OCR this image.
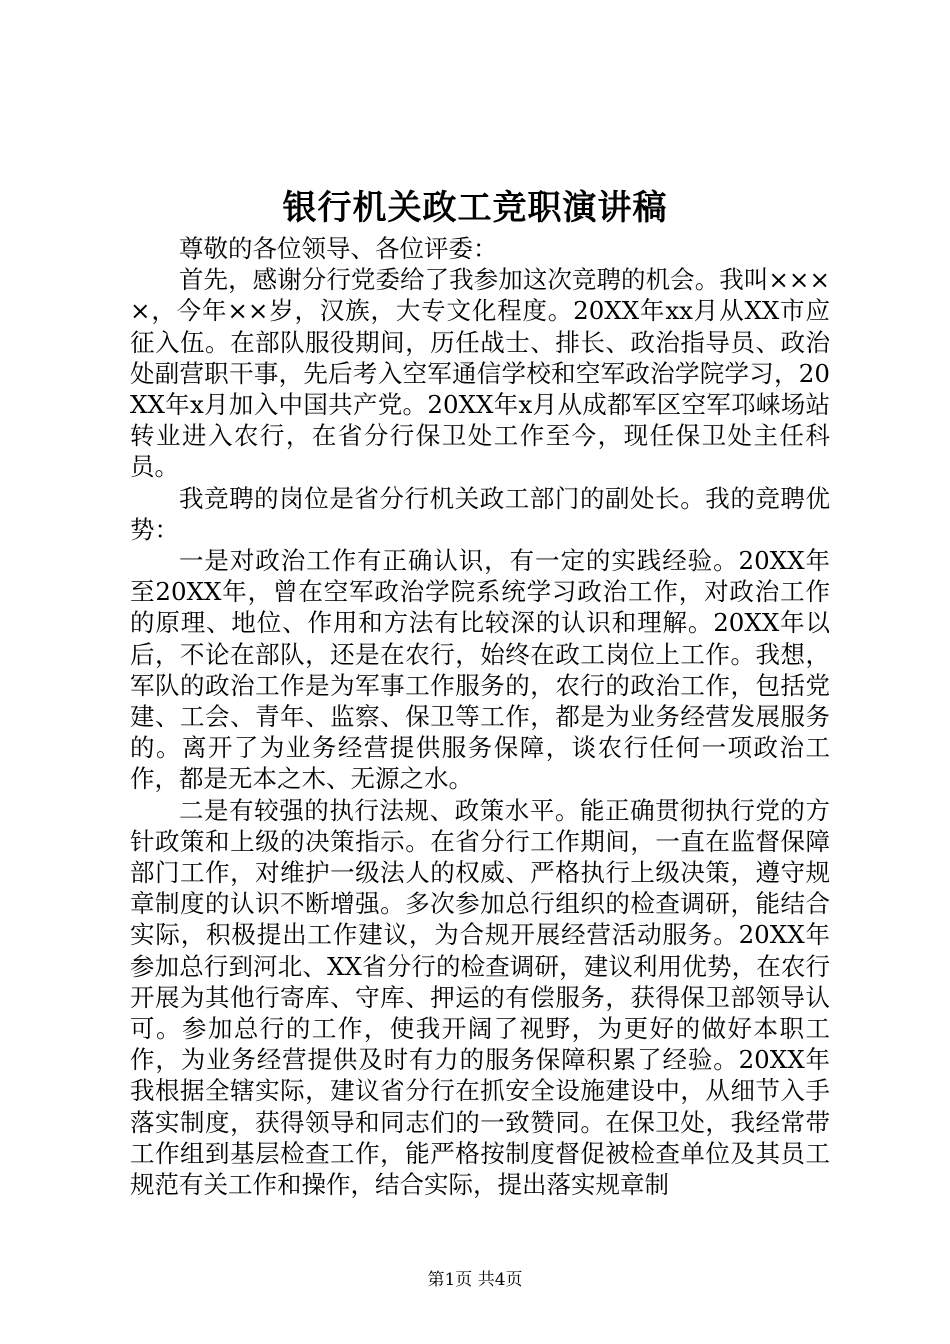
银行机关政工竞职演讲稿

尊敬的各位领导、各位评委：

首先，感谢分行党委给了我参加这次竞聘的机会。我叫××××，今年××岁，汉族，大专文化程度。20XX年xx月从XX市应征入伍。在部队服役期间，历任战士、排长、政治指导员、政治处副营职干事，先后考入空军通信学校和空军政治学院学习，20XX年x月加入中国共产党。20XX年x月从成都军区空军邛崃场站转业进入农行，在省分行保卫处工作至今，现任保卫处主任科员。

我竞聘的岗位是省分行机关政工部门的副处长。我的竞聘优势：

一是对政治工作有正确认识，有一定的实践经验。20XX年至20XX年，曾在空军政治学院系统学习政治工作，对政治工作的原理、地位、作用和方法有比较深的认识和理解。20XX年以后，不论在部队，还是在农行，始终在政工岗位上工作。我想，军队的政治工作是为军事工作服务的，农行的政治工作，包括党建、工会、青年、监察、保卫等工作，都是为业务经营发展服务的。离开了为业务经营提供服务保障，谈农行任何一项政治工作，都是无本之木、无源之水。

二是有较强的执行法规、政策水平。能正确贯彻执行党的方针政策和上级的决策指示。在省分行工作期间，一直在监督保障部门工作，对维护一级法人的权威、严格执行上级决策，遵守规章制度的认识不断增强。多次参加总行组织的检查调研，能结合实际，积极提出工作建议，为合规开展经营活动服务。20XX年参加总行到河北、XX省分行的检查调研，建议利用优势，在农行开展为其他行寄库、守库、押运的有偿服务，获得保卫部领导认可。参加总行的工作，使我开阔了视野，为更好的做好本职工作，为业务经营提供及时有力的服务保障积累了经验。20XX年我根据全辖实际，建议省分行在抓安全设施建设中，从细节入手落实制度，获得领导和同志们的一致赞同。在保卫处，我经常带工作组到基层检查工作，能严格按制度督促被检查单位及其员工规范有关工作和操作，结合实际，提出落实规章制

第1页 共4页
